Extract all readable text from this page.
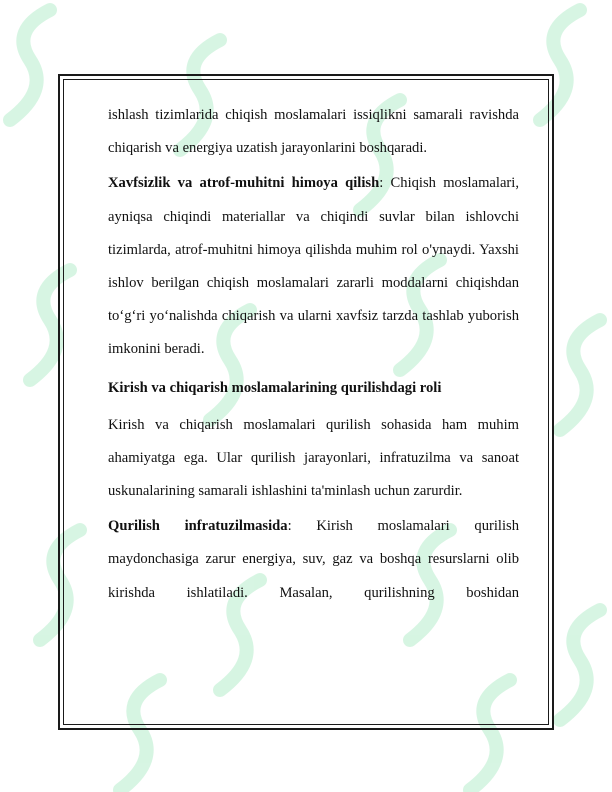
ishlash tizimlarida chiqish moslamalari issiqlikni samarali ravishda chiqarish va energiya uzatish jarayonlarini boshqaradi.

Xavfsizlik va atrof-muhitni himoya qilish: Chiqish moslamalari, ayniqsa chiqindi materiallar va chiqindi suvlar bilan ishlovchi tizimlarda, atrof-muhitni himoya qilishda muhim rol o'ynaydi. Yaxshi ishlov berilgan chiqish moslamalari zararli moddalarni chiqishdan to‘g‘ri yo‘nalishda chiqarish va ularni xavfsiz tarzda tashlab yuborish imkonini beradi.

Kirish va chiqarish moslamalarining qurilishdagi roli

Kirish va chiqarish moslamalari qurilish sohasida ham muhim ahamiyatga ega. Ular qurilish jarayonlari, infratuzilma va sanoat uskunalarining samarali ishlashini ta'minlash uchun zarurdir.

Qurilish infratuzilmasida: Kirish moslamalari qurilish maydonchasiga zarur energiya, suv, gaz va boshqa resurslarni olib kirishda ishlatiladi. Masalan, qurilishning boshidan
